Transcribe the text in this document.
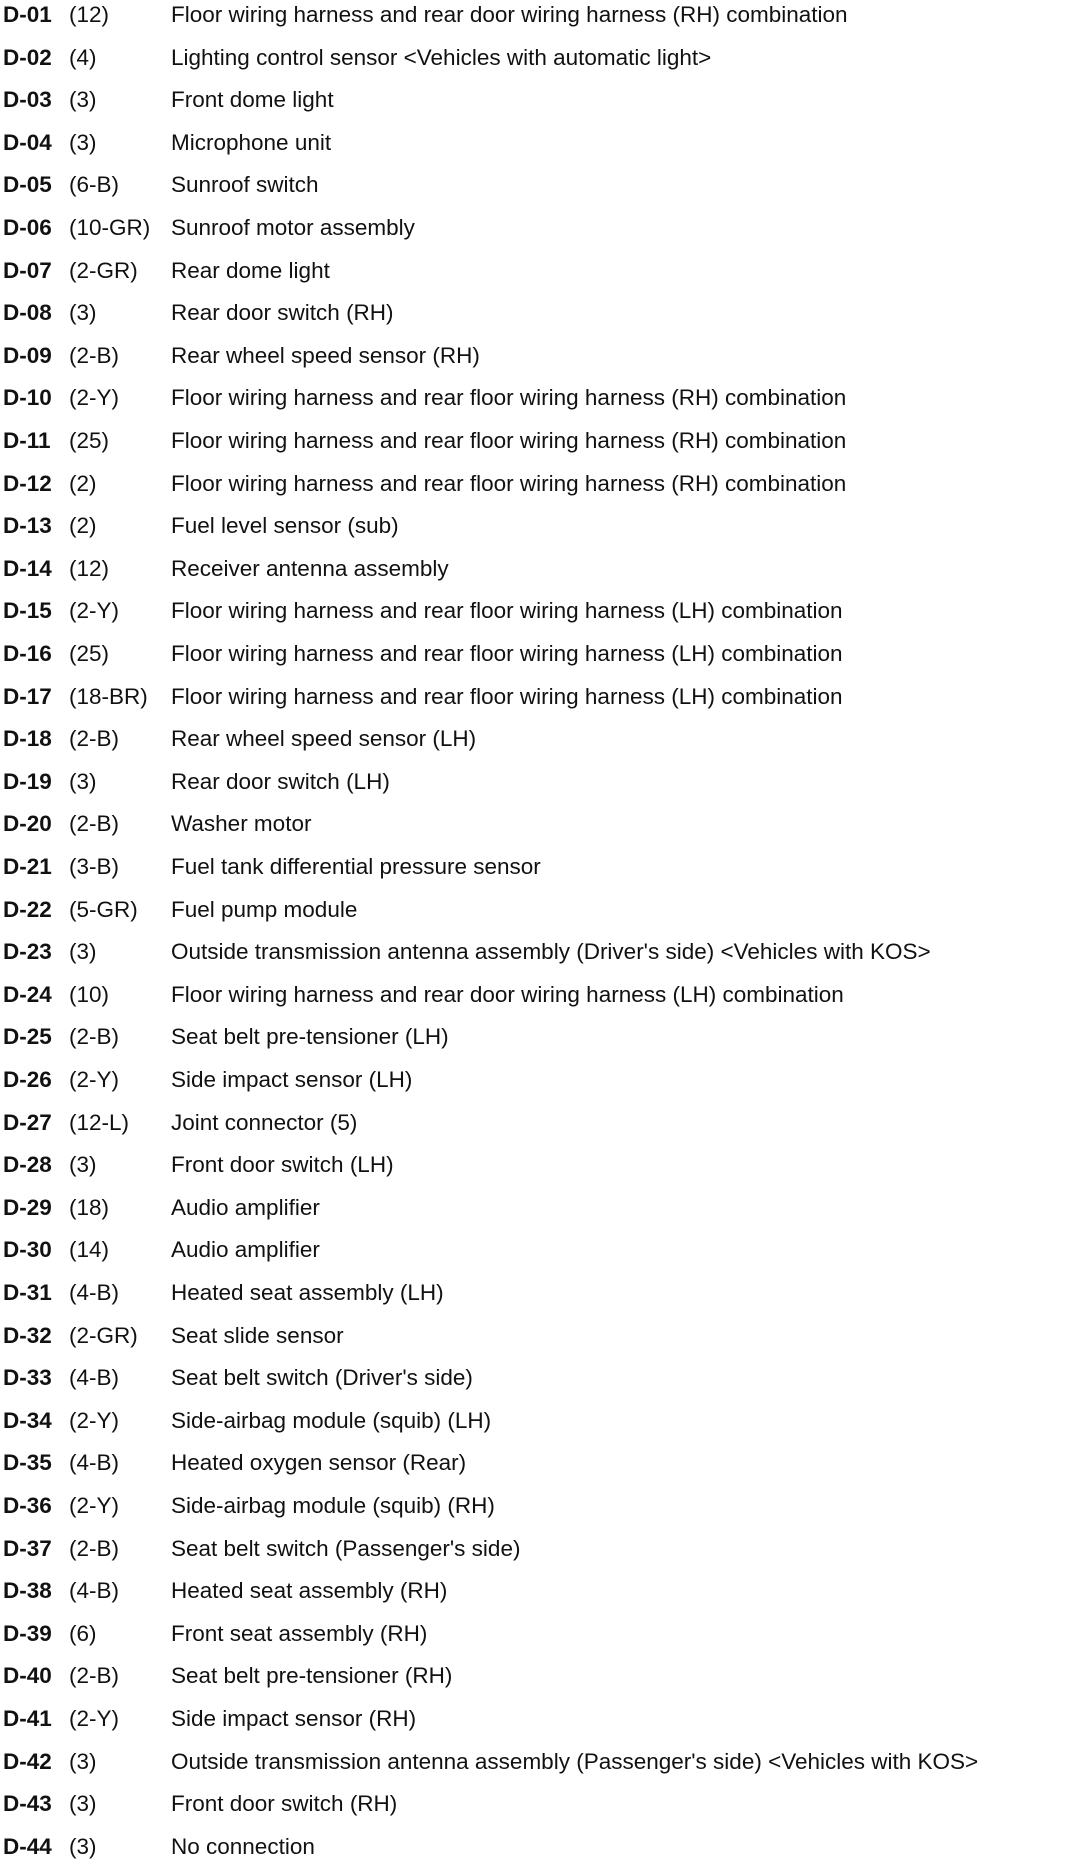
D-01 (12)	Floor wiring harness and rear door wiring harness (RH) combination
D-02 (4)	Lighting control sensor <Vehicles with automatic light>
D-03 (3)	Front dome light
D-04 (3)	Microphone unit
D-05 (6-B) Sunroof switch
D-06 (10-GR) Sunroof motor assembly
D-07 (2-GR) Rear dome light
D-08 (3)	Rear door switch (RH)
D-09 (2-B) Rear wheel speed sensor (RH)
D-10 (2-Y) Floor wiring harness and rear floor wiring harness (RH) combination
D-11 (25)	Floor wiring harness and rear floor wiring harness (RH) combination
D-12 (2)	Floor wiring harness and rear floor wiring harness (RH) combination
D-13 (2)	Fuel level sensor (sub)
D-14 (12)	Receiver antenna assembly
D-15 (2-Y) Floor wiring harness and rear floor wiring harness (LH) combination
D-16 (25)	Floor wiring harness and rear floor wiring harness (LH) combination
D-17 (18-BR) Floor wiring harness and rear floor wiring harness (LH) combination
D-18 (2-B) Rear wheel speed sensor (LH)
D-19 (3)	Rear door switch (LH)
D-20 (2-B) Washer motor
D-21 (3-B) Fuel tank differential pressure sensor
D-22 (5-GR) Fuel pump module
D-23 (3)	Outside transmission antenna assembly (Driver's side) <Vehicles with KOS>
D-24 (10)	Floor wiring harness and rear door wiring harness (LH) combination
D-25 (2-B) Seat belt pre-tensioner (LH)
D-26 (2-Y) Side impact sensor (LH)
D-27 (12-L) Joint connector (5)
D-28 (3)	Front door switch (LH)
D-29 (18)	Audio amplifier
D-30 (14)	Audio amplifier
D-31 (4-B) Heated seat assembly (LH)
D-32 (2-GR) Seat slide sensor
D-33 (4-B) Seat belt switch (Driver's side)
D-34 (2-Y) Side-airbag module (squib) (LH)
D-35 (4-B) Heated oxygen sensor (Rear)
D-36 (2-Y) Side-airbag module (squib) (RH)
D-37 (2-B) Seat belt switch (Passenger's side)
D-38 (4-B) Heated seat assembly (RH)
D-39 (6)	Front seat assembly (RH)
D-40 (2-B) Seat belt pre-tensioner (RH)
D-41 (2-Y) Side impact sensor (RH)
D-42 (3)	Outside transmission antenna assembly (Passenger's side) <Vehicles with KOS>
D-43 (3)	Front door switch (RH)
D-44 (3)	No connection
